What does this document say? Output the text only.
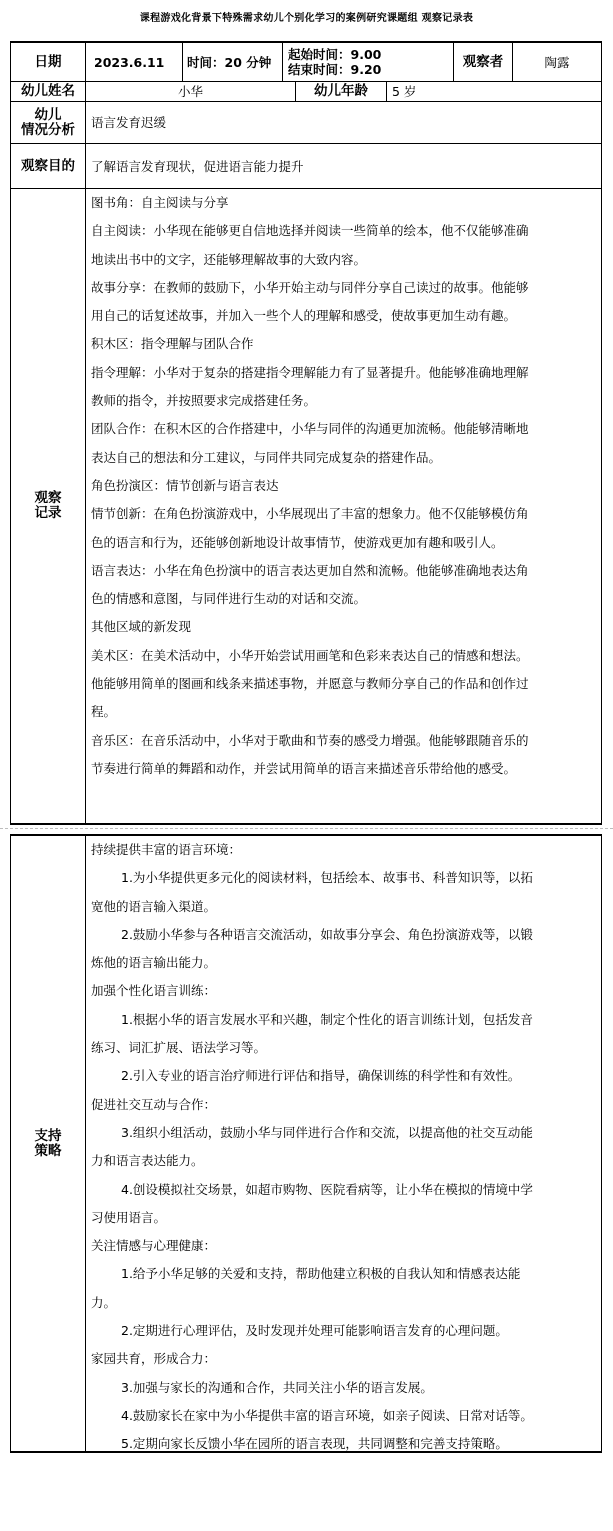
课程游戏化背景下特殊需求幼儿个别化学习的案例研究课题组 观察记录表
日期	2023.6.11	时间：20 分钟	起始时间：9.00
结束时间：9.20	观察者	陶露
幼儿姓名	小华	幼儿年龄	5 岁
幼儿
情况分析	语言发育迟缓
观察目的	了解语言发育现状，促进语言能力提升
观察
记录

图书角：自主阅读与分享

自主阅读：小华现在能够更自信地选择并阅读一些简单的绘本，他不仅能够准确

地读出书中的文字，还能够理解故事的大致内容。

故事分享：在教师的鼓励下，小华开始主动与同伴分享自己读过的故事。他能够

用自己的话复述故事，并加入一些个人的理解和感受，使故事更加生动有趣。

积木区：指令理解与团队合作

指令理解：小华对于复杂的搭建指令理解能力有了显著提升。他能够准确地理解

教师的指令，并按照要求完成搭建任务。

团队合作：在积木区的合作搭建中，小华与同伴的沟通更加流畅。他能够清晰地

表达自己的想法和分工建议，与同伴共同完成复杂的搭建作品。

角色扮演区：情节创新与语言表达

情节创新：在角色扮演游戏中，小华展现出了丰富的想象力。他不仅能够模仿角

色的语言和行为，还能够创新地设计故事情节，使游戏更加有趣和吸引人。

语言表达：小华在角色扮演中的语言表达更加自然和流畅。他能够准确地表达角

色的情感和意图，与同伴进行生动的对话和交流。

其他区域的新发现

美术区：在美术活动中，小华开始尝试用画笔和色彩来表达自己的情感和想法。

他能够用简单的图画和线条来描述事物，并愿意与教师分享自己的作品和创作过

程。

音乐区：在音乐活动中，小华对于歌曲和节奏的感受力增强。他能够跟随音乐的

节奏进行简单的舞蹈和动作，并尝试用简单的语言来描述音乐带给他的感受。

支持
策略

持续提供丰富的语言环境：

1.为小华提供更多元化的阅读材料，包括绘本、故事书、科普知识等，以拓

宽他的语言输入渠道。

2.鼓励小华参与各种语言交流活动，如故事分享会、角色扮演游戏等，以锻

炼他的语言输出能力。

加强个性化语言训练：

1.根据小华的语言发展水平和兴趣，制定个性化的语言训练计划，包括发音

练习、词汇扩展、语法学习等。

2.引入专业的语言治疗师进行评估和指导，确保训练的科学性和有效性。

促进社交互动与合作：

3.组织小组活动，鼓励小华与同伴进行合作和交流，以提高他的社交互动能

力和语言表达能力。

4.创设模拟社交场景，如超市购物、医院看病等，让小华在模拟的情境中学

习使用语言。

关注情感与心理健康：

1.给予小华足够的关爱和支持，帮助他建立积极的自我认知和情感表达能

力。

2.定期进行心理评估，及时发现并处理可能影响语言发育的心理问题。

家园共育，形成合力：

3.加强与家长的沟通和合作，共同关注小华的语言发展。

4.鼓励家长在家中为小华提供丰富的语言环境，如亲子阅读、日常对话等。

5.定期向家长反馈小华在园所的语言表现，共同调整和完善支持策略。
